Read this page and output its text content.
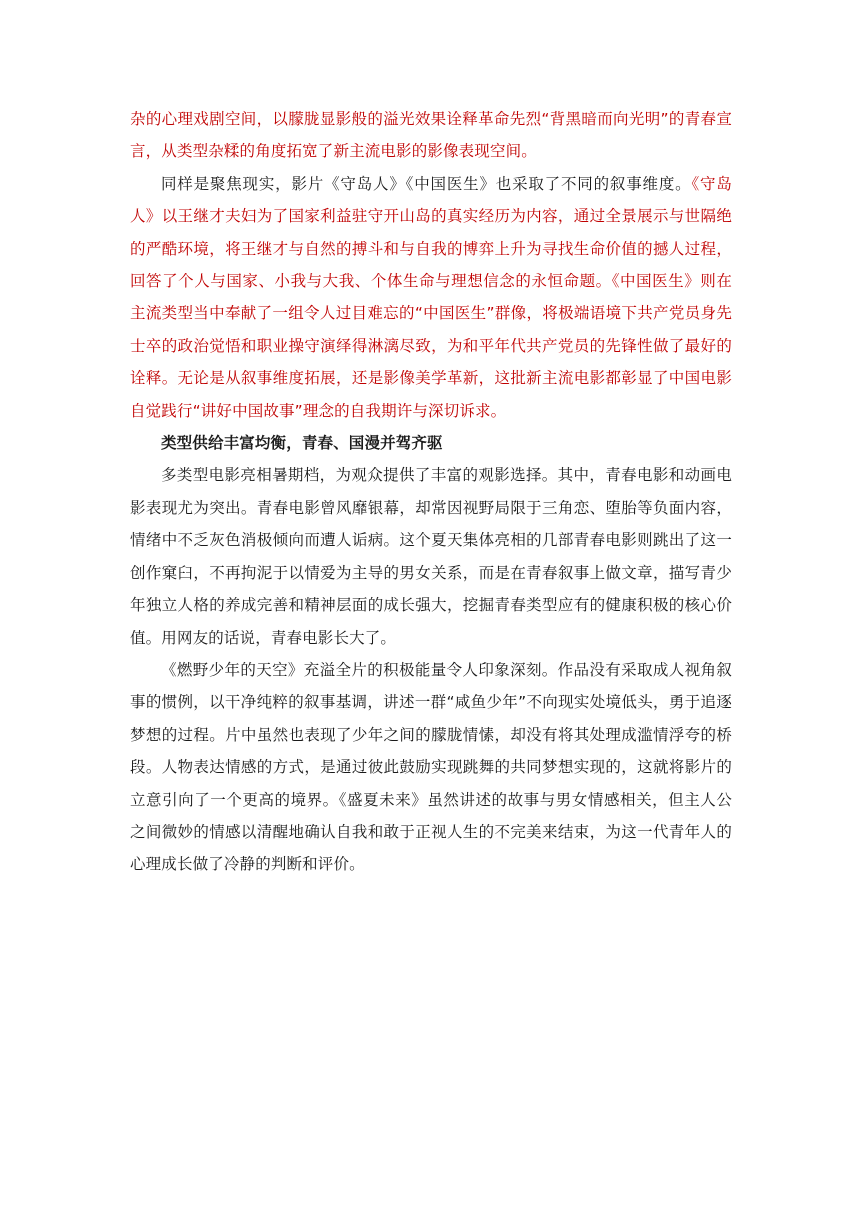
杂的心理戏剧空间，以朦胧显影般的溢光效果诠释革命先烈“背黑暗而向光明”的青春宣言，从类型杂糅的角度拓宽了新主流电影的影像表现空间。

同样是聚焦现实，影片《守岛人》《中国医生》也采取了不同的叙事维度。《守岛人》以王继才夫妇为了国家利益驻守开山岛的真实经历为内容，通过全景展示与世隔绝的严酷环境，将王继才与自然的搏斗和与自我的博弈上升为寻找生命价值的撼人过程，回答了个人与国家、小我与大我、个体生命与理想信念的永恒命题。《中国医生》则在主流类型当中奉献了一组令人过目难忘的“中国医生”群像，将极端语境下共产党员身先士卒的政治觉悟和职业操守演绎得淋漓尽致，为和平年代共产党员的先锋性做了最好的诠释。无论是从叙事维度拓展，还是影像美学革新，这批新主流电影都彰显了中国电影自觉践行“讲好中国故事”理念的自我期许与深切诉求。

类型供给丰富均衡，青春、国漫并驾齐驱

多类型电影亮相暑期档，为观众提供了丰富的观影选择。其中，青春电影和动画电影表现尤为突出。青春电影曾风靡银幕，却常因视野局限于三角恋、堕胎等负面内容，情绪中不乏灰色消极倾向而遭人诟病。这个夏天集体亮相的几部青春电影则跳出了这一创作窠臼，不再拘泥于以情爱为主导的男女关系，而是在青春叙事上做文章，描写青少年独立人格的养成完善和精神层面的成长强大，挖掘青春类型应有的健康积极的核心价值。用网友的话说，青春电影长大了。

《燃野少年的天空》充溢全片的积极能量令人印象深刻。作品没有采取成人视角叙事的惯例，以干净纯粹的叙事基调，讲述一群“咸鱼少年”不向现实处境低头，勇于追逐梦想的过程。片中虽然也表现了少年之间的朦胧情愫，却没有将其处理成滥情浮夸的桥段。人物表达情感的方式，是通过彼此鼓励实现跳舞的共同梦想实现的，这就将影片的立意引向了一个更高的境界。《盛夏未来》虽然讲述的故事与男女情感相关，但主人公之间微妙的情感以清醒地确认自我和敢于正视人生的不完美来结束，为这一代青年人的心理成长做了冷静的判断和评价。
